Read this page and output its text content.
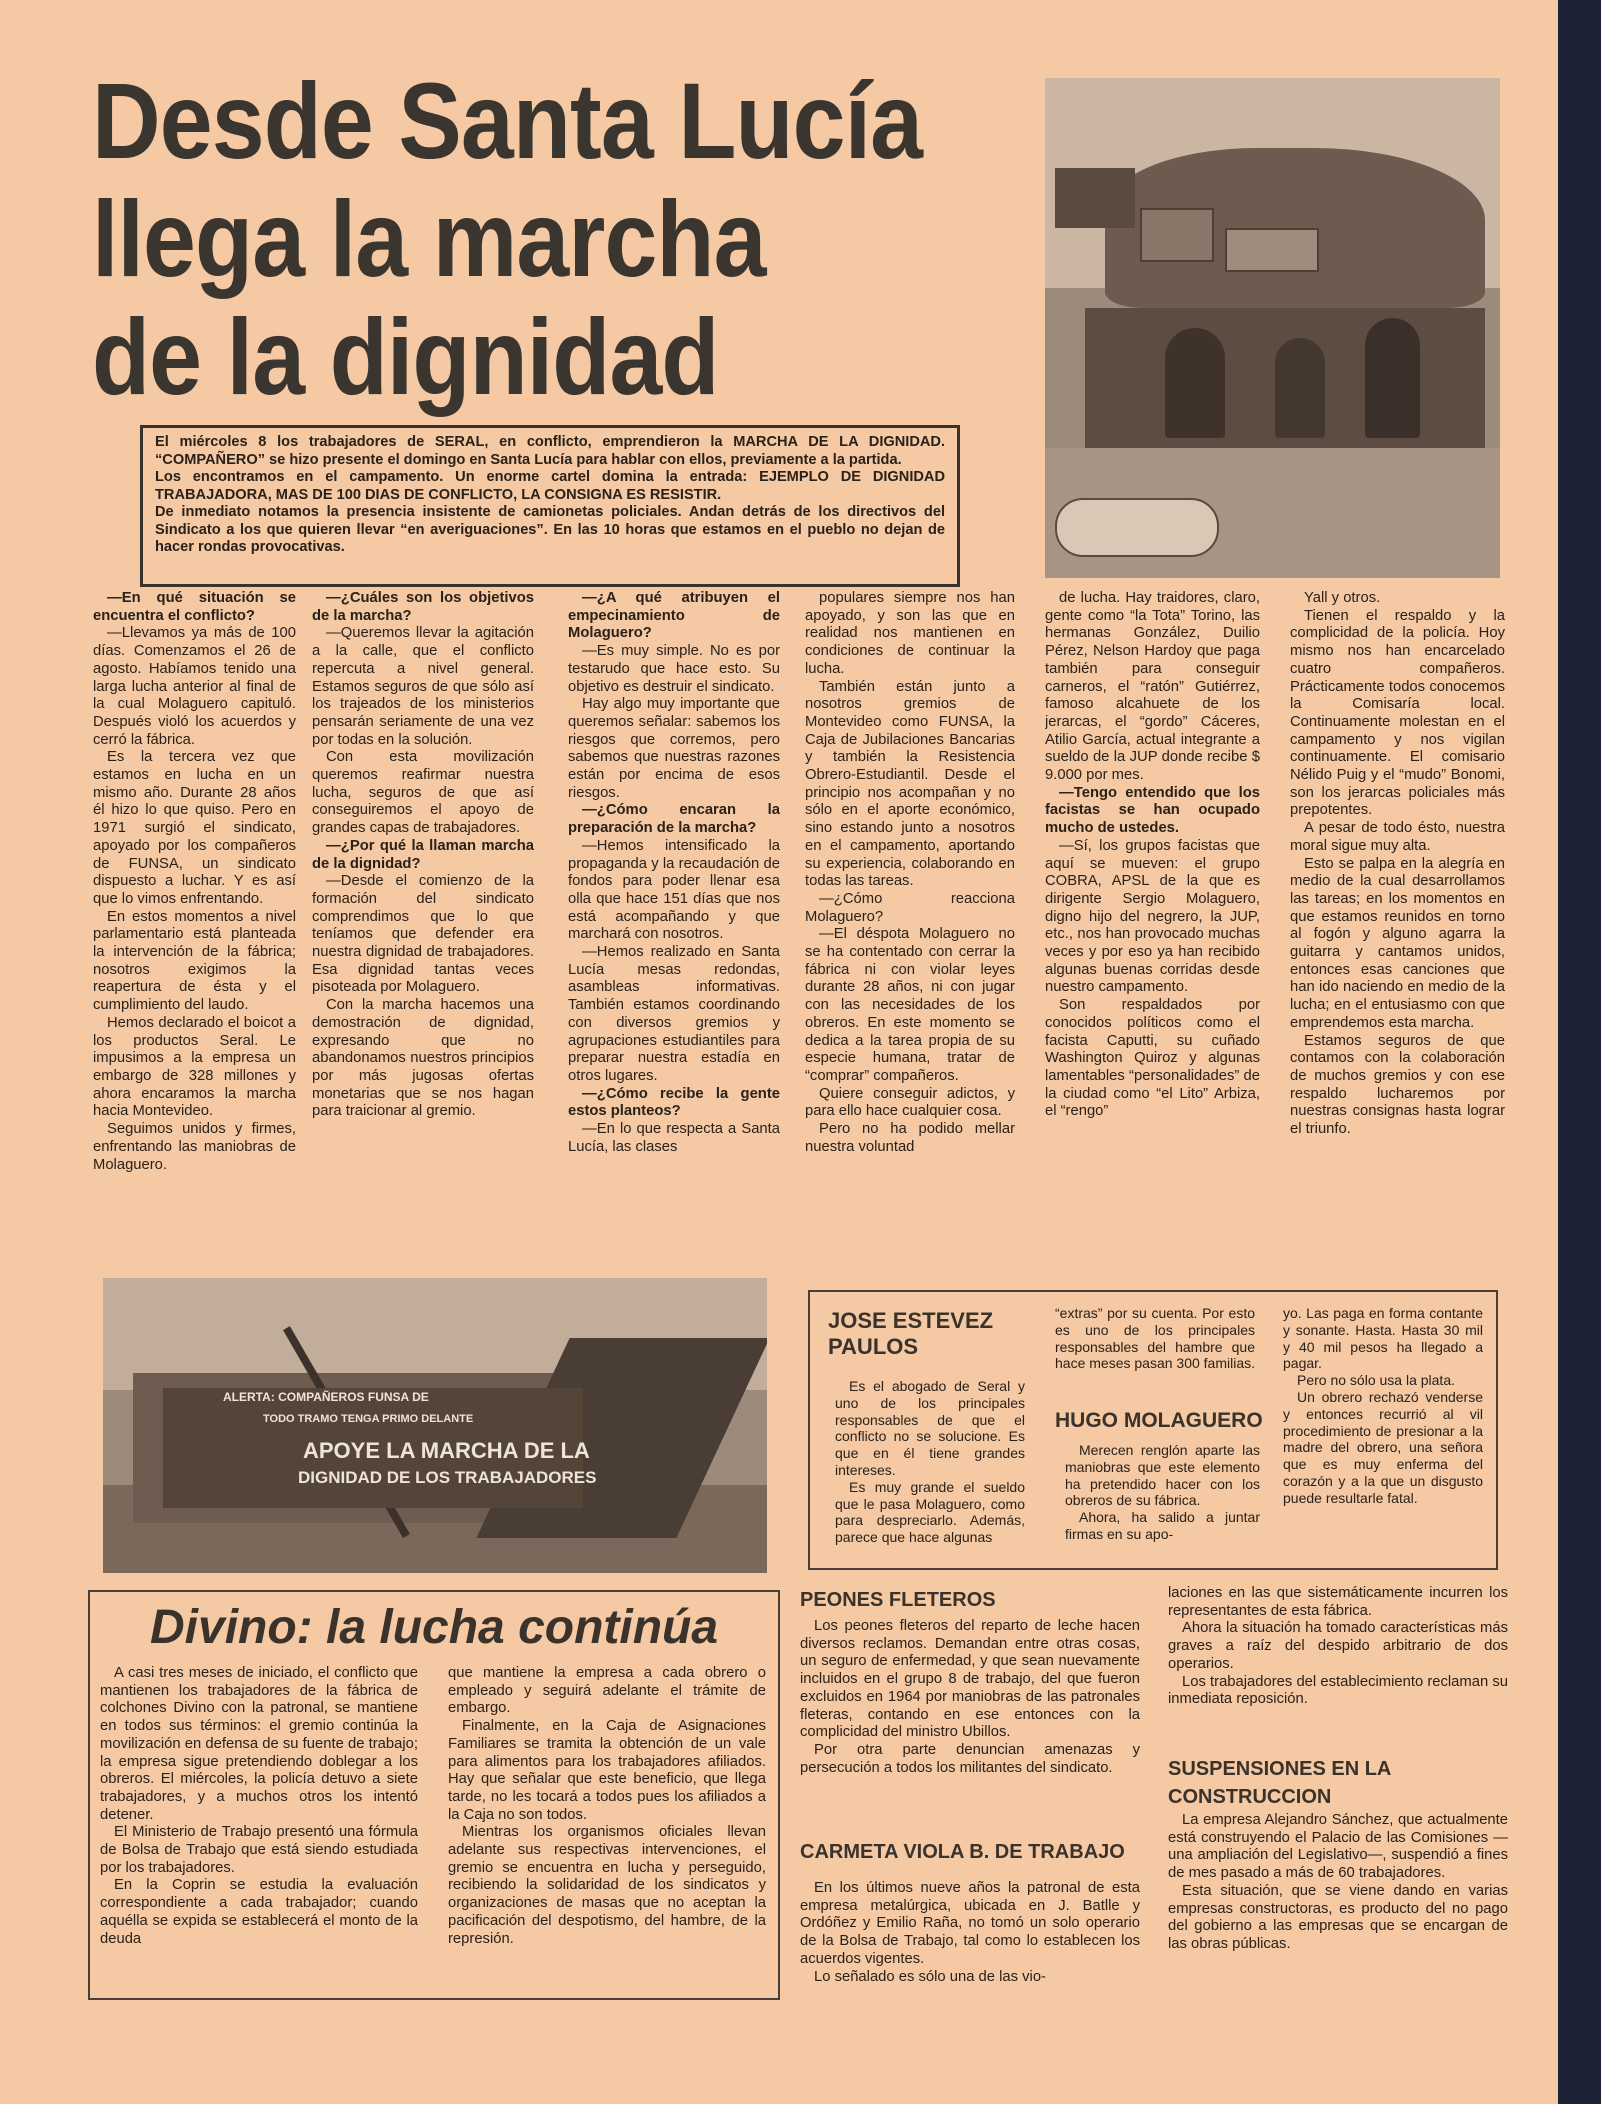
Desde Santa Lucía
llega la marcha
de la dignidad

El miércoles 8 los trabajadores de SERAL, en conflicto, emprendieron la MARCHA DE LA DIGNIDAD. “COMPAÑERO” se hizo presente el domingo en Santa Lucía para hablar con ellos, previamente a la partida.

Los encontramos en el campamento. Un enorme cartel domina la entrada: EJEMPLO DE DIGNIDAD TRABAJADORA, MAS DE 100 DIAS DE CONFLICTO, LA CONSIGNA ES RESISTIR.

De inmediato notamos la presencia insistente de camionetas policiales. Andan detrás de los directivos del Sindicato a los que quieren llevar “en averiguaciones”. En las 10 horas que estamos en el pueblo no dejan de hacer rondas provocativas.

—En qué situación se encuentra el conflicto?

—Llevamos ya más de 100 días. Comenzamos el 26 de agosto. Habíamos tenido una larga lucha anterior al final de la cual Molaguero capituló. Después violó los acuerdos y cerró la fábrica.

Es la tercera vez que estamos en lucha en un mismo año. Durante 28 años él hizo lo que quiso. Pero en 1971 surgió el sindicato, apoyado por los compañeros de FUNSA, un sindicato dispuesto a luchar. Y es así que lo vimos enfrentando.

En estos momentos a nivel parlamentario está planteada la intervención de la fábrica; nosotros exigimos la reapertura de ésta y el cumplimiento del laudo.

Hemos declarado el boicot a los productos Seral. Le impusimos a la empresa un embargo de 328 millones y ahora encaramos la marcha hacia Montevideo.

Seguimos unidos y firmes, enfrentando las maniobras de Molaguero.

—¿Cuáles son los objetivos de la marcha?

—Queremos llevar la agitación a la calle, que el conflicto repercuta a nivel general. Estamos seguros de que sólo así los trajeados de los ministerios pensarán seriamente de una vez por todas en la solución.

Con esta movilización queremos reafirmar nuestra lucha, seguros de que así conseguiremos el apoyo de grandes capas de trabajadores.

—¿Por qué la llaman marcha de la dignidad?

—Desde el comienzo de la formación del sindicato comprendimos que lo que teníamos que defender era nuestra dignidad de trabajadores. Esa dignidad tantas veces pisoteada por Molaguero.

Con la marcha hacemos una demostración de dignidad, expresando que no abandonamos nuestros principios por más jugosas ofertas monetarias que se nos hagan para traicionar al gremio.

—¿A qué atribuyen el empecinamiento de Molaguero?

—Es muy simple. No es por testarudo que hace esto. Su objetivo es destruir el sindicato.

Hay algo muy importante que queremos señalar: sabemos los riesgos que corremos, pero sabemos que nuestras razones están por encima de esos riesgos.

—¿Cómo encaran la preparación de la marcha?

—Hemos intensificado la propaganda y la recaudación de fondos para poder llenar esa olla que hace 151 días que nos está acompañando y que marchará con nosotros.

—Hemos realizado en Santa Lucía mesas redondas, asambleas informativas. También estamos coordinando con diversos gremios y agrupaciones estudiantiles para preparar nuestra estadía en otros lugares.

—¿Cómo recibe la gente estos planteos?

—En lo que respecta a Santa Lucía, las clases

populares siempre nos han apoyado, y son las que en realidad nos mantienen en condiciones de continuar la lucha.

También están junto a nosotros gremios de Montevideo como FUNSA, la Caja de Jubilaciones Bancarias y también la Resistencia Obrero-Estudiantil. Desde el principio nos acompañan y no sólo en el aporte económico, sino estando junto a nosotros en el campamento, aportando su experiencia, colaborando en todas las tareas.

—¿Cómo reacciona Molaguero?

—El déspota Molaguero no se ha contentado con cerrar la fábrica ni con violar leyes durante 28 años, ni con jugar con las necesidades de los obreros. En este momento se dedica a la tarea propia de su especie humana, tratar de “comprar” compañeros.

Quiere conseguir adictos, y para ello hace cualquier cosa.

Pero no ha podido mellar nuestra voluntad

de lucha. Hay traidores, claro, gente como “la Tota” Torino, las hermanas González, Duilio Pérez, Nelson Hardoy que paga también para conseguir carneros, el “ratón” Gutiérrez, famoso alcahuete de los jerarcas, el “gordo” Cáceres, Atilio García, actual integrante a sueldo de la JUP donde recibe $ 9.000 por mes.

—Tengo entendido que los facistas se han ocupado mucho de ustedes.

—Sí, los grupos facistas que aquí se mueven: el grupo COBRA, APSL de la que es dirigente Sergio Molaguero, digno hijo del negrero, la JUP, etc., nos han provocado muchas veces y por eso ya han recibido algunas buenas corridas desde nuestro campamento.

Son respaldados por conocidos políticos como el facista Caputti, su cuñado Washington Quiroz y algunas lamentables “personalidades” de la ciudad como “el Lito” Arbiza, el “rengo”

Yall y otros.

Tienen el respaldo y la complicidad de la policía. Hoy mismo nos han encarcelado cuatro compañeros. Prácticamente todos conocemos la Comisaría local. Continuamente molestan en el campamento y nos vigilan continuamente. El comisario Nélido Puig y el “mudo” Bonomi, son los jerarcas policiales más prepotentes.

A pesar de todo ésto, nuestra moral sigue muy alta.

Esto se palpa en la alegría en medio de la cual desarrollamos las tareas; en los momentos en que estamos reunidos en torno al fogón y alguno agarra la guitarra y cantamos unidos, entonces esas canciones que han ido naciendo en medio de la lucha; en el entusiasmo con que emprendemos esta marcha.

Estamos seguros de que contamos con la colaboración de muchos gremios y con ese respaldo lucharemos por nuestras consignas hasta lograr el triunfo.

ALERTA: COMPAÑEROS FUNSA DE
TODO TRAMO TENGA PRIMO DELANTE
APOYE LA MARCHA DE LA
DIGNIDAD DE LOS TRABAJADORES
JOSE ESTEVEZ PAULOS

Es el abogado de Seral y uno de los principales responsables de que el conflicto no se solucione. Es que en él tiene grandes intereses.

Es muy grande el sueldo que le pasa Molaguero, como para despreciarlo. Además, parece que hace algunas

“extras” por su cuenta. Por esto es uno de los principales responsables del hambre que hace meses pasan 300 familias.

HUGO MOLAGUERO

Merecen renglón aparte las maniobras que este elemento ha pretendido hacer con los obreros de su fábrica.

Ahora, ha salido a juntar firmas en su apo-

yo. Las paga en forma contante y sonante. Hasta. Hasta 30 mil y 40 mil pesos ha llegado a pagar.

Pero no sólo usa la plata.

Un obrero rechazó venderse y entonces recurrió al vil procedimiento de presionar a la madre del obrero, una señora que es muy enferma del corazón y a la que un disgusto puede resultarle fatal.

Divino: la lucha continúa

A casi tres meses de iniciado, el conflicto que mantienen los trabajadores de la fábrica de colchones Divino con la patronal, se mantiene en todos sus términos: el gremio continúa la movilización en defensa de su fuente de trabajo; la empresa sigue pretendiendo doblegar a los obreros. El miércoles, la policía detuvo a siete trabajadores, y a muchos otros los intentó detener.

El Ministerio de Trabajo presentó una fórmula de Bolsa de Trabajo que está siendo estudiada por los trabajadores.

En la Coprin se estudia la evaluación correspondiente a cada trabajador; cuando aquélla se expida se establecerá el monto de la deuda

que mantiene la empresa a cada obrero o empleado y seguirá adelante el trámite de embargo.

Finalmente, en la Caja de Asignaciones Familiares se tramita la obtención de un vale para alimentos para los trabajadores afiliados. Hay que señalar que este beneficio, que llega tarde, no les tocará a todos pues los afiliados a la Caja no son todos.

Mientras los organismos oficiales llevan adelante sus respectivas intervenciones, el gremio se encuentra en lucha y perseguido, recibiendo la solidaridad de los sindicatos y organizaciones de masas que no aceptan la pacificación del despotismo, del hambre, de la represión.

PEONES FLETEROS

Los peones fleteros del reparto de leche hacen diversos reclamos. Demandan entre otras cosas, un seguro de enfermedad, y que sean nuevamente incluidos en el grupo 8 de trabajo, del que fueron excluidos en 1964 por maniobras de las patronales fleteras, contando en ese entonces con la complicidad del ministro Ubillos.

Por otra parte denuncian amenazas y persecución a todos los militantes del sindicato.

CARMETA VIOLA B. DE TRABAJO

En los últimos nueve años la patronal de esta empresa metalúrgica, ubicada en J. Batlle y Ordóñez y Emilio Raña, no tomó un solo operario de la Bolsa de Trabajo, tal como lo establecen los acuerdos vigentes.

Lo señalado es sólo una de las vio-

laciones en las que sistemáticamente incurren los representantes de esta fábrica.

Ahora la situación ha tomado características más graves a raíz del despido arbitrario de dos operarios.

Los trabajadores del establecimiento reclaman su inmediata reposición.

SUSPENSIONES EN LA CONSTRUCCION

La empresa Alejandro Sánchez, que actualmente está construyendo el Palacio de las Comisiones —una ampliación del Legislativo—, suspendió a fines de mes pasado a más de 60 trabajadores.

Esta situación, que se viene dando en varias empresas constructoras, es producto del no pago del gobierno a las empresas que se encargan de las obras públicas.
